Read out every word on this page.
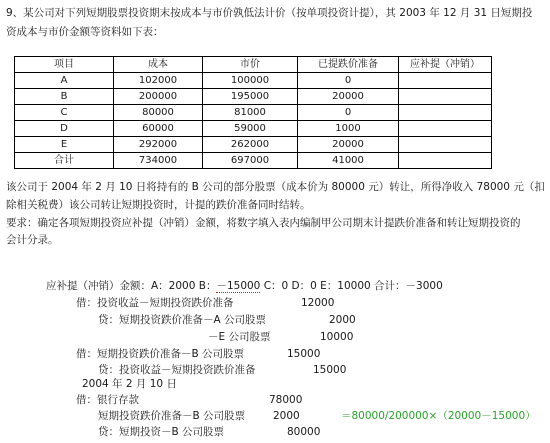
9、某公司对下列短期股票投资期末按成本与市价孰低法计价（按单项投资计提），其 2003 年 12 月 31 日短期投
资成本与市价金额等资料如下表：
项目	成本	市价	已提跌价准备	应补提（冲销）
A	102000	100000	0	
B	200000	195000	20000	
C	80000	81000	0	
D	60000	59000	1000	
E	292000	262000	20000	
合计	734000	697000	41000	
该公司于 2004 年 2 月 10 日将持有的 B 公司的部分股票（成本价为 80000 元）转让，所得净收入 78000 元（扣
除相关税费）该公司转让短期投资时，计提的跌价准备同时结转。
要求：确定各项短期投资应补提（冲销）金额，将数字填入表内编制甲公司期末计提跌价准备和转让短期投资的
会计分录。
应补提（冲销）金额：A：2000 B：－15000 C：0 D：0 E：10000 合计：－3000
借：投资收益－短期投资跌价准备	12000
贷：短期投资跌价准备－A 公司股票	2000
－E 公司股票	10000
借：短期投资跌价准备－B 公司股票	15000
贷：投资收益－短期投资跌价准备	15000
2004 年 2 月 10 日
借：银行存款	78000
短期投资跌价准备－B 公司股票	2000	＝80000/200000×（20000－15000）
贷：短期投资－B 公司股票	80000
